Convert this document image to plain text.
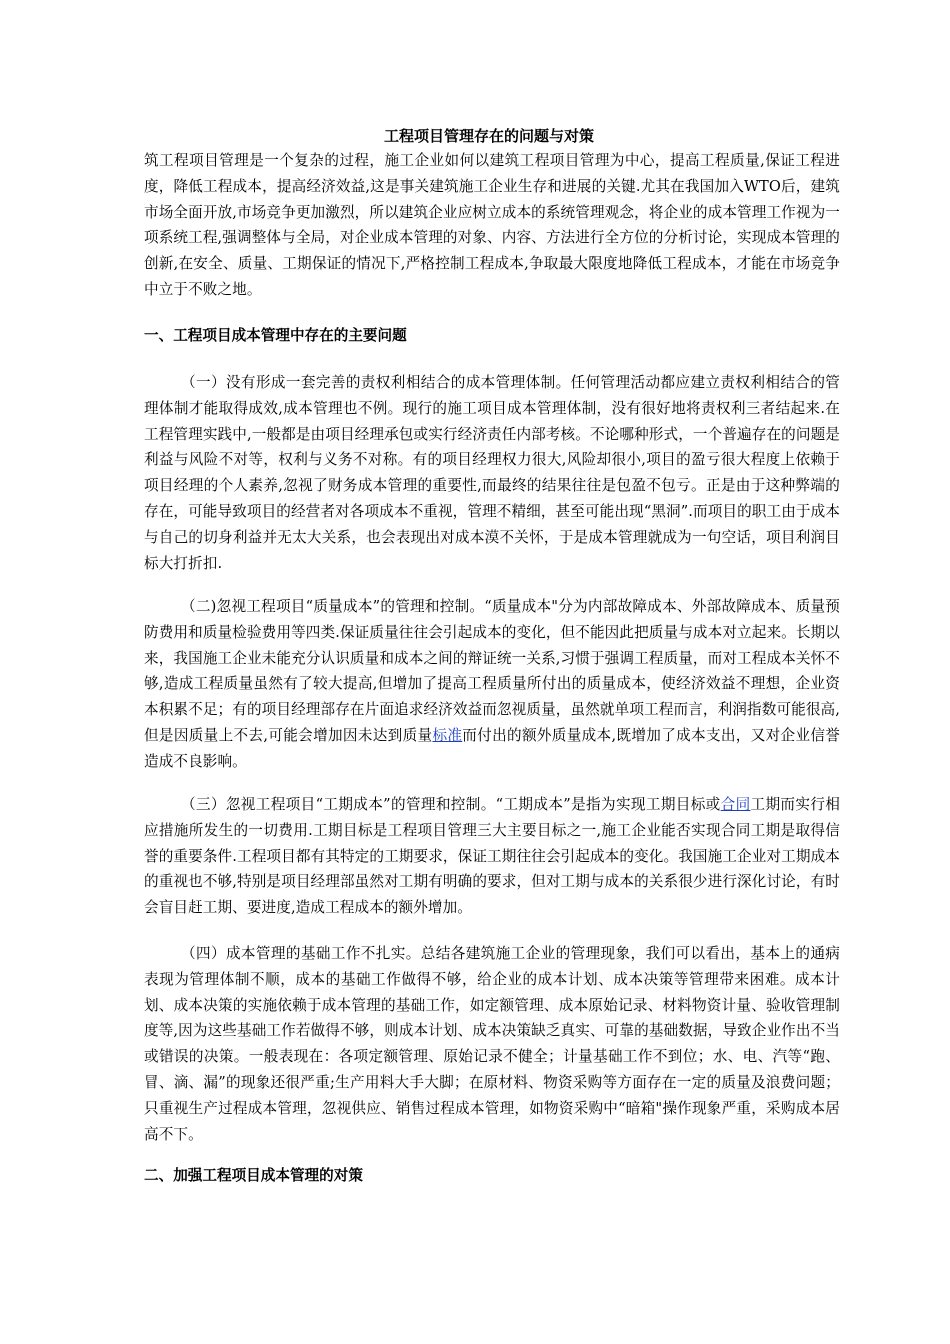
工程项目管理存在的问题与对策
筑工程项目管理是一个复杂的过程，施工企业如何以建筑工程项目管理为中心，提高工程质量,保证工程进度，降低工程成本，提高经济效益,这是事关建筑施工企业生存和进展的关键.尤其在我国加入WTO后，建筑市场全面开放,市场竞争更加激烈，所以建筑企业应树立成本的系统管理观念，将企业的成本管理工作视为一项系统工程,强调整体与全局，对企业成本管理的对象、内容、方法进行全方位的分析讨论，实现成本管理的创新,在安全、质量、工期保证的情况下,严格控制工程成本,争取最大限度地降低工程成本，才能在市场竞争中立于不败之地。
一、工程项目成本管理中存在的主要问题
（一）没有形成一套完善的责权利相结合的成本管理体制。任何管理活动都应建立责权利相结合的管理体制才能取得成效,成本管理也不例。现行的施工项目成本管理体制，没有很好地将责权利三者结起来.在工程管理实践中,一般都是由项目经理承包或实行经济责任内部考核。不论哪种形式，一个普遍存在的问题是利益与风险不对等，权利与义务不对称。有的项目经理权力很大,风险却很小,项目的盈亏很大程度上依赖于项目经理的个人素养,忽视了财务成本管理的重要性,而最终的结果往往是包盈不包亏。正是由于这种弊端的存在，可能导致项目的经营者对各项成本不重视，管理不精细，甚至可能出现“黑洞”.而项目的职工由于成本与自己的切身利益并无太大关系，也会表现出对成本漠不关怀，于是成本管理就成为一句空话，项目利润目标大打折扣.
（二)忽视工程项目“质量成本”的管理和控制。“质量成本"分为内部故障成本、外部故障成本、质量预防费用和质量检验费用等四类.保证质量往往会引起成本的变化，但不能因此把质量与成本对立起来。长期以来，我国施工企业未能充分认识质量和成本之间的辩证统一关系,习惯于强调工程质量，而对工程成本关怀不够,造成工程质量虽然有了较大提高,但增加了提高工程质量所付出的质量成本，使经济效益不理想，企业资本积累不足；有的项目经理部存在片面追求经济效益而忽视质量，虽然就单项工程而言，利润指数可能很高,但是因质量上不去,可能会增加因未达到质量标准而付出的额外质量成本,既增加了成本支出，又对企业信誉造成不良影响。
（三）忽视工程项目“工期成本”的管理和控制。“工期成本”是指为实现工期目标或合同工期而实行相应措施所发生的一切费用.工期目标是工程项目管理三大主要目标之一,施工企业能否实现合同工期是取得信誉的重要条件.工程项目都有其特定的工期要求，保证工期往往会引起成本的变化。我国施工企业对工期成本的重视也不够,特别是项目经理部虽然对工期有明确的要求，但对工期与成本的关系很少进行深化讨论，有时会盲目赶工期、要进度,造成工程成本的额外增加。
（四）成本管理的基础工作不扎实。总结各建筑施工企业的管理现象，我们可以看出，基本上的通病表现为管理体制不顺，成本的基础工作做得不够，给企业的成本计划、成本决策等管理带来困难。成本计划、成本决策的实施依赖于成本管理的基础工作，如定额管理、成本原始记录、材料物资计量、验收管理制度等,因为这些基础工作若做得不够，则成本计划、成本决策缺乏真实、可靠的基础数据，导致企业作出不当或错误的决策。一般表现在：各项定额管理、原始记录不健全；计量基础工作不到位；水、电、汽等“跑、冒、滴、漏”的现象还很严重;生产用料大手大脚；在原材料、物资采购等方面存在一定的质量及浪费问题；只重视生产过程成本管理，忽视供应、销售过程成本管理，如物资采购中“暗箱"操作现象严重，采购成本居高不下。
二、加强工程项目成本管理的对策
